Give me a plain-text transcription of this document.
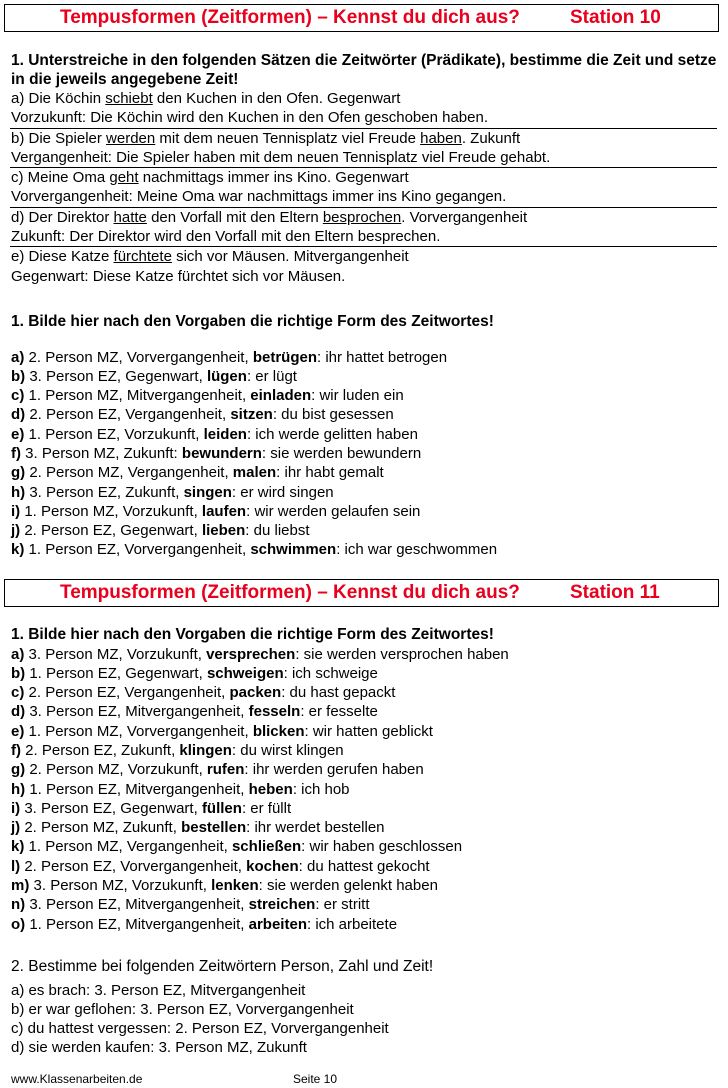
Tempusformen (Zeitformen) – Kennst du dich aus?	Station 10

1. Unterstreiche in den folgenden Sätzen die Zeitwörter (Prädikate), bestimme die Zeit und setze in die jeweils angegebene Zeit!

a) Die Köchin schiebt den Kuchen in den Ofen. Gegenwart
Vorzukunft: Die Köchin wird den Kuchen in den Ofen geschoben haben.
b) Die Spieler werden mit dem neuen Tennisplatz viel Freude haben. Zukunft
Vergangenheit: Die Spieler haben mit dem neuen Tennisplatz viel Freude gehabt.
c) Meine Oma geht nachmittags immer ins Kino. Gegenwart
Vorvergangenheit: Meine Oma war nachmittags immer ins Kino gegangen.
d) Der Direktor hatte den Vorfall mit den Eltern besprochen. Vorvergangenheit
Zukunft: Der Direktor wird den Vorfall mit den Eltern besprechen.
e) Diese Katze fürchtete sich vor Mäusen. Mitvergangenheit
Gegenwart: Diese Katze fürchtet sich vor Mäusen.

1. Bilde hier nach den Vorgaben die richtige Form des Zeitwortes!

a) 2. Person MZ, Vorvergangenheit, betrügen: ihr hattet betrogen
b) 3. Person EZ, Gegenwart, lügen: er lügt
c) 1. Person MZ, Mitvergangenheit, einladen: wir luden ein
d) 2. Person EZ, Vergangenheit, sitzen: du bist gesessen
e) 1. Person EZ, Vorzukunft, leiden: ich werde gelitten haben
f) 3. Person MZ, Zukunft: bewundern: sie werden bewundern
g) 2. Person MZ, Vergangenheit, malen: ihr habt gemalt
h) 3. Person EZ, Zukunft, singen: er wird singen
i) 1. Person MZ, Vorzukunft, laufen: wir werden gelaufen sein
j) 2. Person EZ, Gegenwart, lieben: du liebst
k) 1. Person EZ, Vorvergangenheit, schwimmen: ich war geschwommen
Tempusformen (Zeitformen) – Kennst du dich aus?	Station 11

1. Bilde hier nach den Vorgaben die richtige Form des Zeitwortes!

a) 3. Person MZ, Vorzukunft, versprechen: sie werden versprochen haben
b) 1. Person EZ, Gegenwart, schweigen: ich schweige
c) 2. Person EZ, Vergangenheit, packen: du hast gepackt
d) 3. Person EZ, Mitvergangenheit, fesseln: er fesselte
e) 1. Person MZ, Vorvergangenheit, blicken: wir hatten geblickt
f) 2. Person EZ, Zukunft, klingen: du wirst klingen
g) 2. Person MZ, Vorzukunft, rufen: ihr werden gerufen haben
h) 1. Person EZ, Mitvergangenheit, heben: ich hob
i) 3. Person EZ, Gegenwart, füllen: er füllt
j) 2. Person MZ, Zukunft, bestellen: ihr werdet bestellen
k) 1. Person MZ, Vergangenheit, schließen: wir haben geschlossen
l) 2. Person EZ, Vorvergangenheit, kochen: du hattest gekocht
m) 3. Person MZ, Vorzukunft, lenken: sie werden gelenkt haben
n) 3. Person EZ, Mitvergangenheit, streichen: er stritt
o) 1. Person EZ, Mitvergangenheit, arbeiten: ich arbeitete

2. Bestimme bei folgenden Zeitwörtern Person, Zahl und Zeit!

a) es brach: 3. Person EZ, Mitvergangenheit
b) er war geflohen: 3. Person EZ, Vorvergangenheit
c) du hattest vergessen: 2. Person EZ, Vorvergangenheit
d) sie werden kaufen: 3. Person MZ, Zukunft
www.Klassenarbeiten.de	Seite 10
